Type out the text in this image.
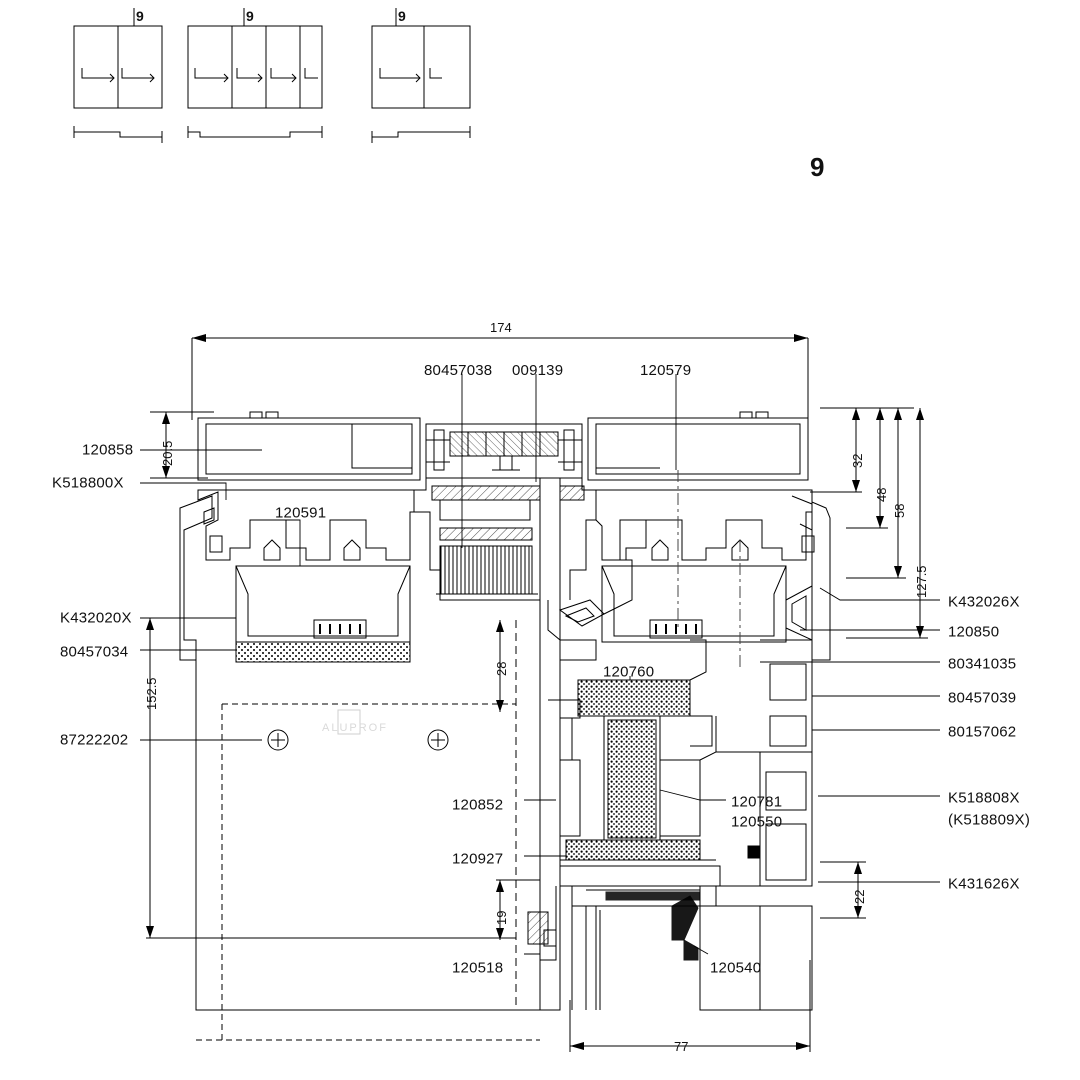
9	9	9
9
ALUPROF
174
77
20.5
152.5
28
19
32
48
58
127.5
22
80457038 009139	120579
120858
K518800X
120591
K432020X
80457034
87222202
K432026X
120850
80341035
80457039
80157062
K518808X
(K518809X)
K431626X
120760
120852	120781
120550
120927
120518	120540
